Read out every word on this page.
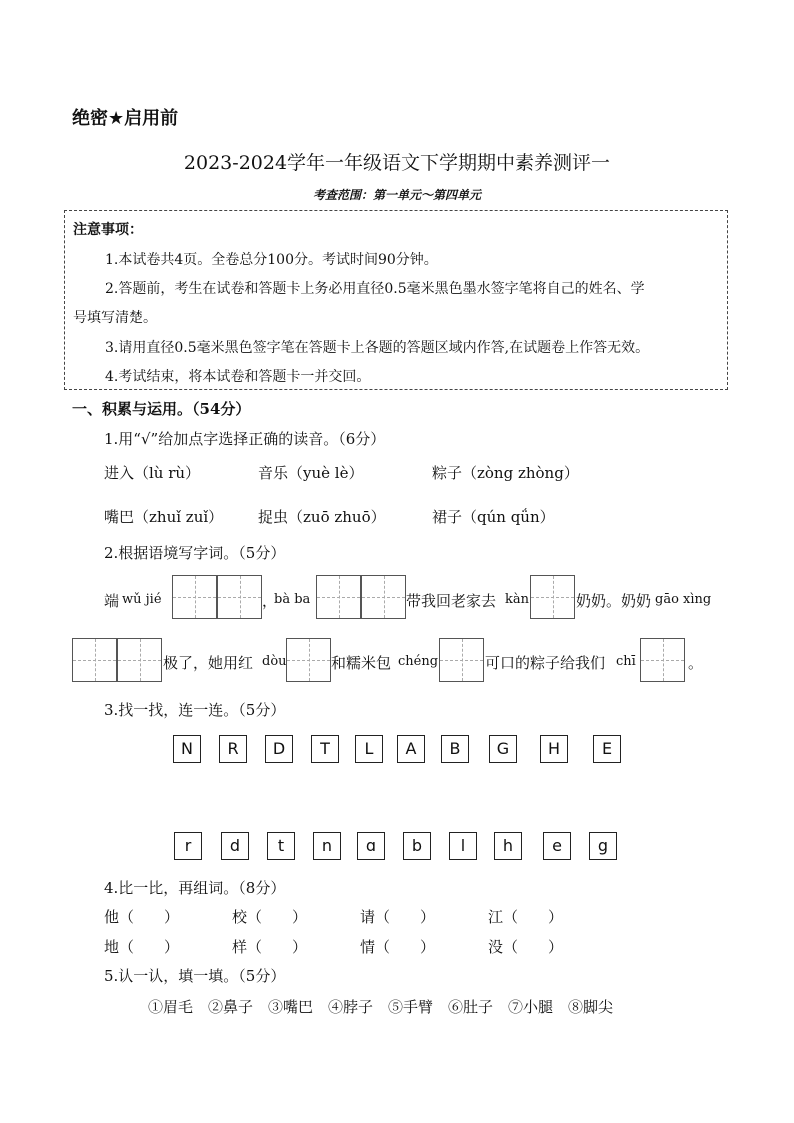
绝密★启用前
2023-2024学年一年级语文下学期期中素养测评一
考查范围：第一单元～第四单元
注意事项：
1.本试卷共4页。全卷总分100分。考试时间90分钟。
2.答题前，考生在试卷和答题卡上务必用直径0.5毫米黑色墨水签字笔将自己的姓名、学
号填写清楚。
3.请用直径0.5毫米黑色签字笔在答题卡上各题的答题区域内作答,在试题卷上作答无效。
4.考试结束，将本试卷和答题卡一并交回。
一、积累与运用。（54分）
1.用“√”给加点字选择正确的读音。（6分）
进入（lù rù）	音乐（yuè lè）	粽子（zòng zhòng）
嘴巴（zhuǐ zuǐ） 捉虫（zuō zhuō）	裙子（qún qǘn）
2.根据语境写字词。（5分）
端 wǔ jié	，
bà ba	带我回老家去 kàn	奶奶。奶奶 gāo xìng
极了，她用红 dòu	和糯米包 chéng	可口的粽子给我们 chī	。
3.找一找，连一连。（5分）
N	R	D	T	L	A	B	G	H	E
r	d	t	n	ɑ	b	l	h	e	g
4.比一比，再组词。（8分）
他（　　）	校（　　）	请（　　）	江（　　）
地（　　）	样（　　）	情（　　）	没（　　）
5.认一认，填一填。（5分）
①眉毛　②鼻子　③嘴巴　④脖子　⑤手臂　⑥肚子　⑦小腿　⑧脚尖
